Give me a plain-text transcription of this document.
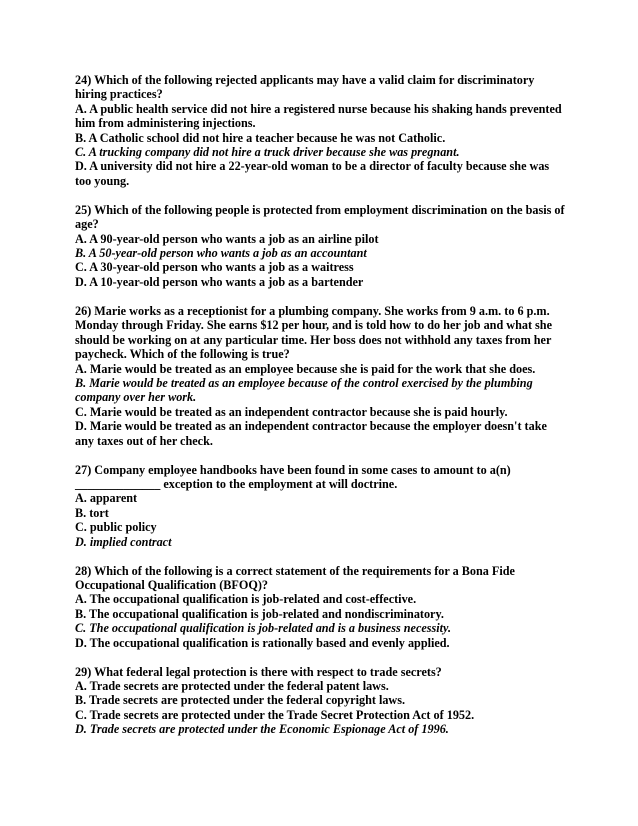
24) Which of the following rejected applicants may have a valid claim for discriminatory hiring practices?
A. A public health service did not hire a registered nurse because his shaking hands prevented him from administering injections.
B. A Catholic school did not hire a teacher because he was not Catholic.
C. A trucking company did not hire a truck driver because she was pregnant.
D. A university did not hire a 22-year-old woman to be a director of faculty because she was too young.
25) Which of the following people is protected from employment discrimination on the basis of age?
A. A 90-year-old person who wants a job as an airline pilot
B. A 50-year-old person who wants a job as an accountant
C. A 30-year-old person who wants a job as a waitress
D. A 10-year-old person who wants a job as a bartender
26) Marie works as a receptionist for a plumbing company. She works from 9 a.m. to 6 p.m. Monday through Friday. She earns $12 per hour, and is told how to do her job and what she should be working on at any particular time. Her boss does not withhold any taxes from her paycheck. Which of the following is true?
A. Marie would be treated as an employee because she is paid for the work that she does.
B. Marie would be treated as an employee because of the control exercised by the plumbing company over her work.
C. Marie would be treated as an independent contractor because she is paid hourly.
D. Marie would be treated as an independent contractor because the employer doesn't take any taxes out of her check.
27) Company employee handbooks have been found in some cases to amount to a(n) ______________ exception to the employment at will doctrine.
A. apparent
B. tort
C. public policy
D. implied contract
28) Which of the following is a correct statement of the requirements for a Bona Fide Occupational Qualification (BFOQ)?
A. The occupational qualification is job-related and cost-effective.
B. The occupational qualification is job-related and nondiscriminatory.
C. The occupational qualification is job-related and is a business necessity.
D. The occupational qualification is rationally based and evenly applied.
29) What federal legal protection is there with respect to trade secrets?
A. Trade secrets are protected under the federal patent laws.
B. Trade secrets are protected under the federal copyright laws.
C. Trade secrets are protected under the Trade Secret Protection Act of 1952.
D. Trade secrets are protected under the Economic Espionage Act of 1996.
